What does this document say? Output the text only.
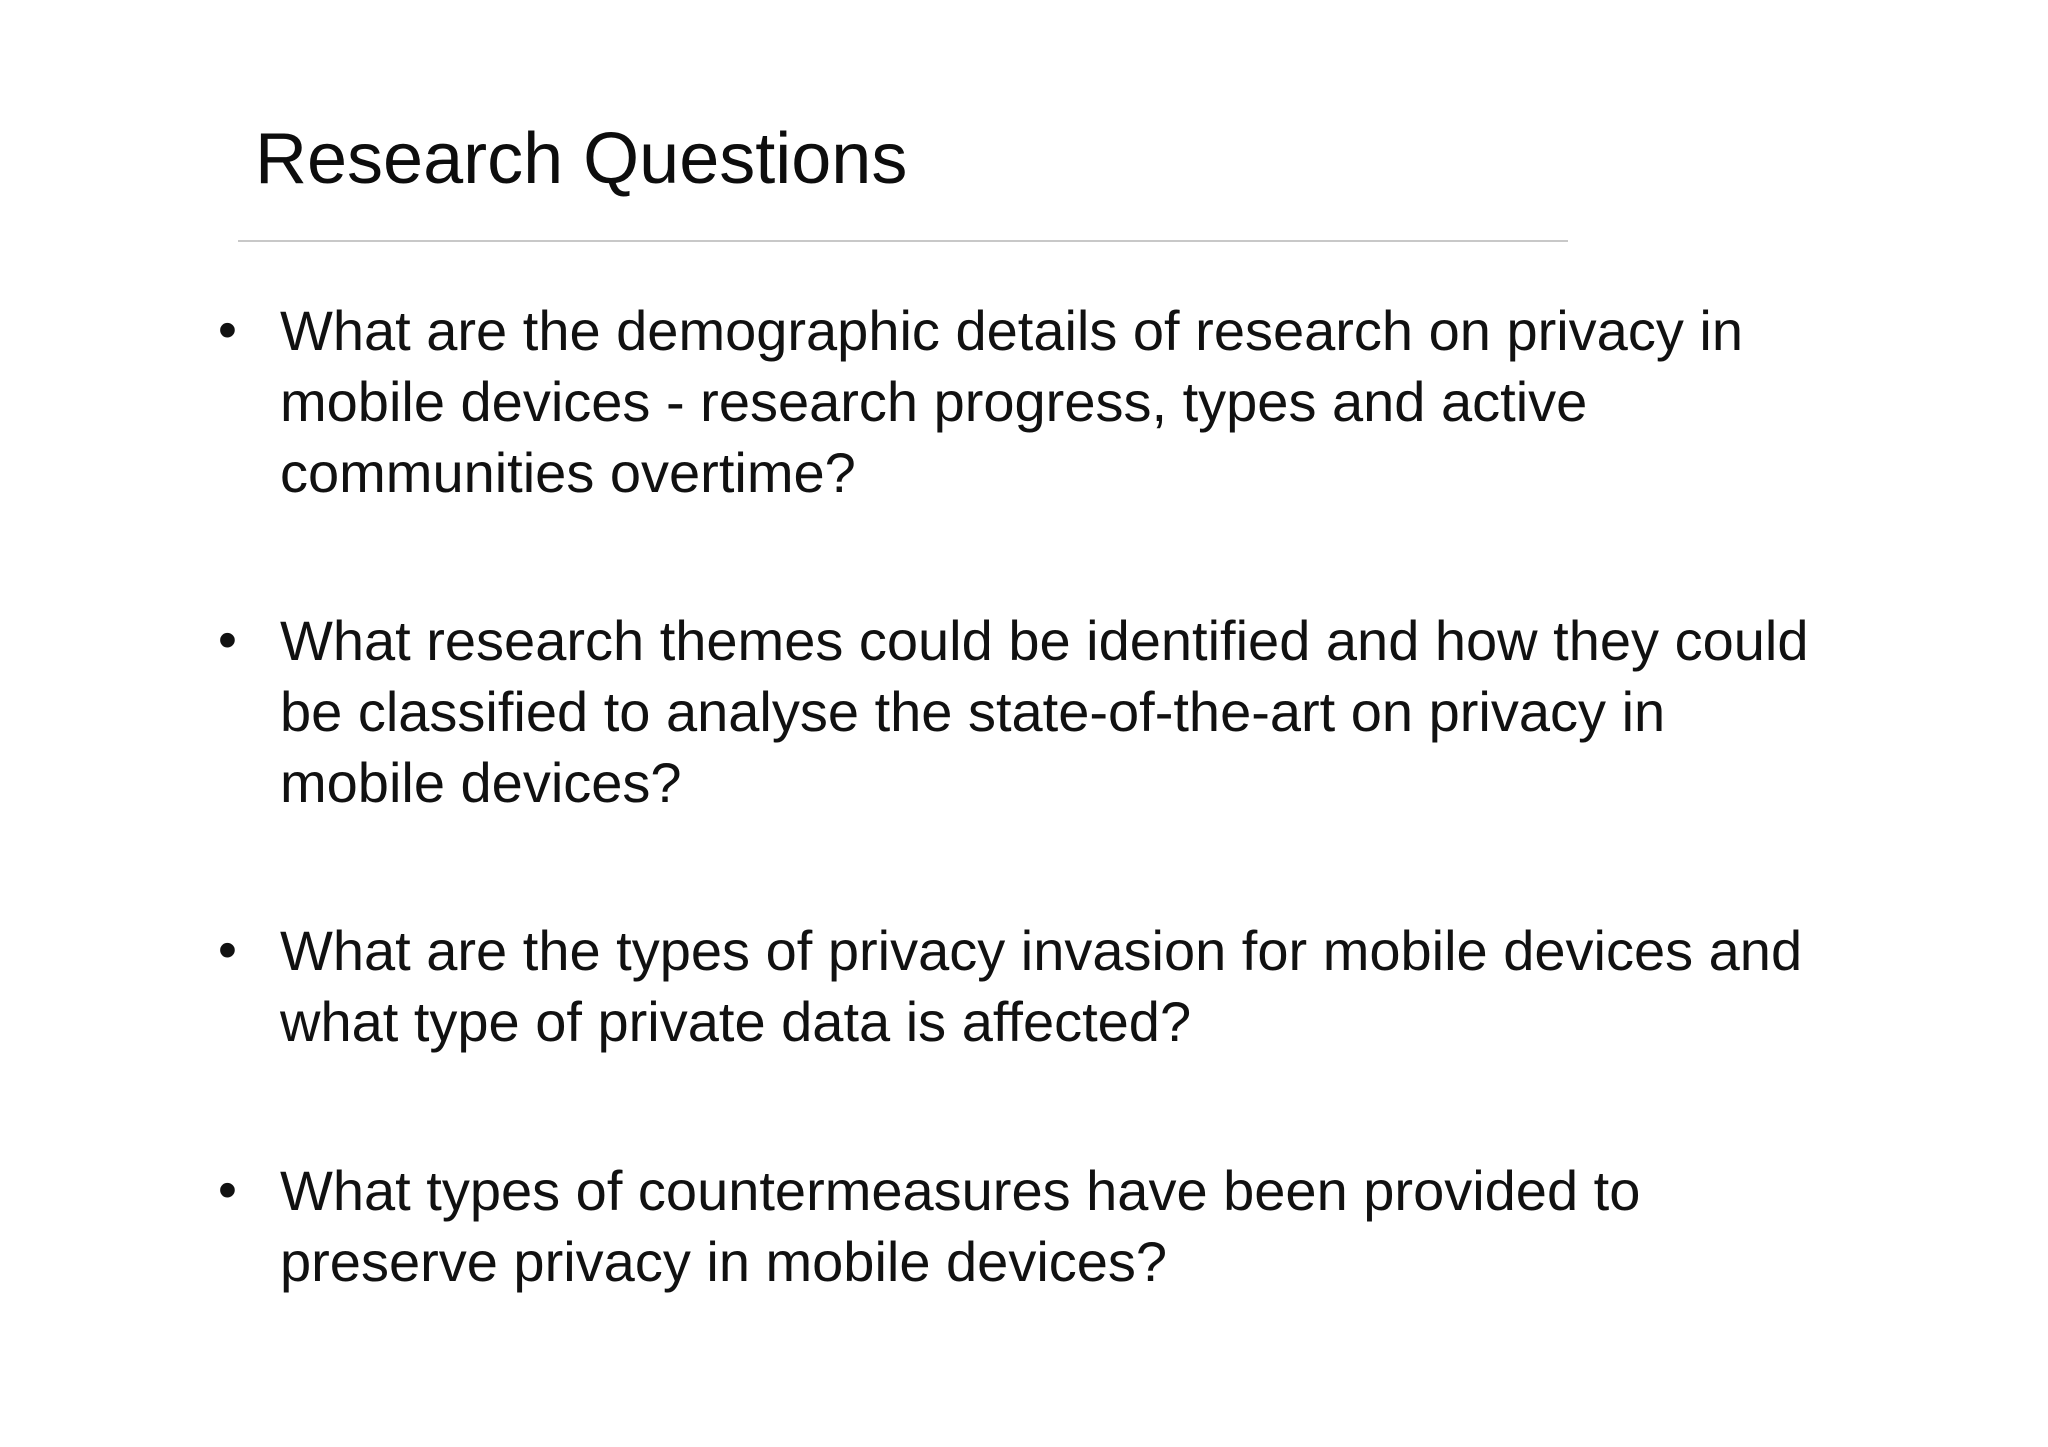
Research Questions
• What are the demographic details of research on privacy in mobile devices - research progress, types and active communities overtime?

• What research themes could be identified and how they could be classified to analyse the state-of-the-art on privacy in mobile devices?

• What are the types of privacy invasion for mobile devices and what type of private data is affected?

• What types of countermeasures have been provided to preserve privacy in mobile devices?
